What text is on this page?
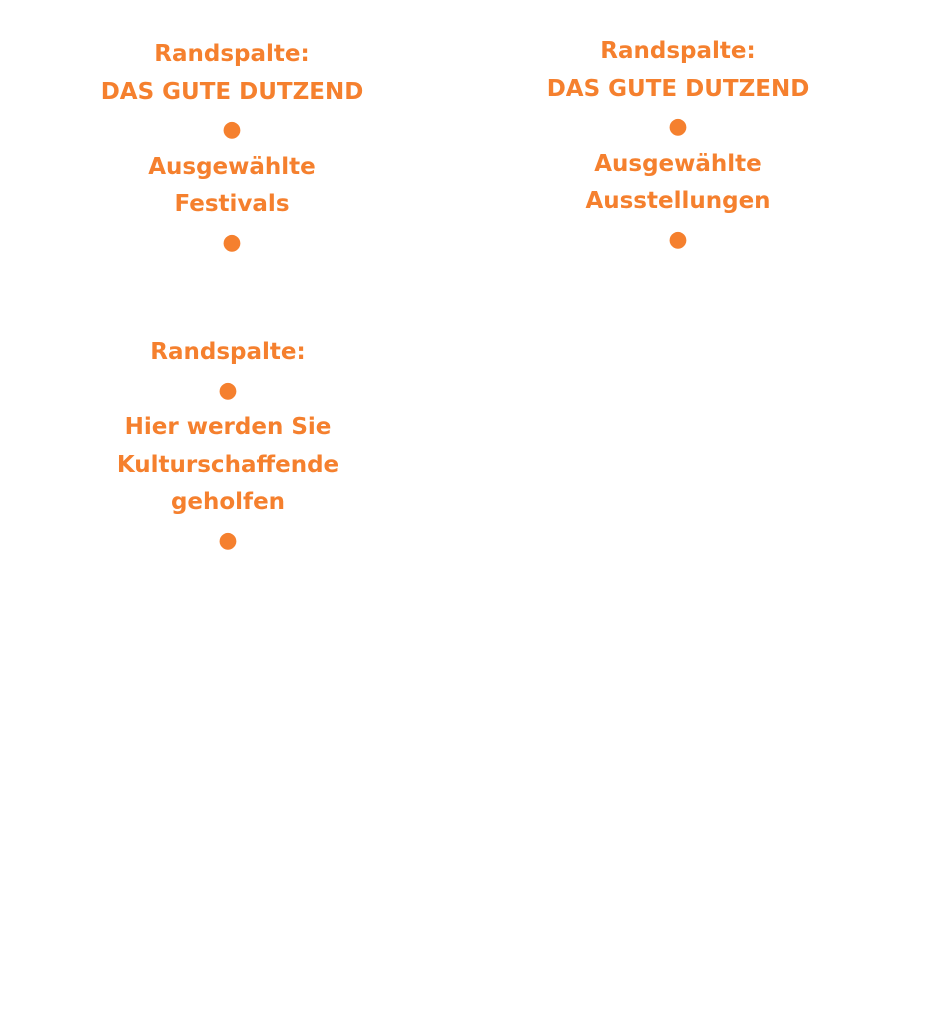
Randspalte:
DAS GUTE DUTZEND
●
Ausgewählte
Festivals
●
Randspalte:
DAS GUTE DUTZEND
●
Ausgewählte
Ausstellungen
●
Randspalte:
●
Hier werden Sie
Kulturschaffende
geholfen
●
